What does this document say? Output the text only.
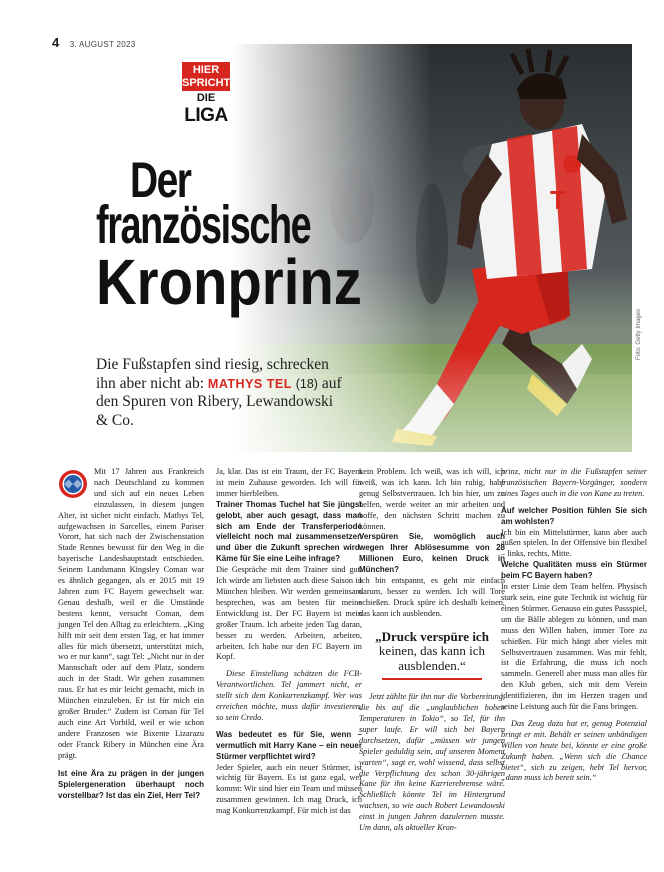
4 3. AUGUST 2023
Foto: Getty Images
HIER
SPRICHT
DIE
LIGA
Der
französische
Kronprinz
Die Fußstapfen sind riesig, schrecken ihn aber nicht ab: MATHYS TEL (18) auf den Spuren von Ribery, Lewandowski & Co.

Mit 17 Jahren aus Frankreich nach Deutschland zu kommen und sich auf ein neues Leben einzulassen, in diesem jungen Alter, ist sicher nicht einfach. Mathys Tel, aufgewachsen in Sarcelles, einem Pariser Vorort, hat sich nach der Zwischenstation Stade Rennes bewusst für den Weg in die bayerische Landeshauptstadt entschieden. Seinem Landsmann Kingsley Coman war es ähnlich gegangen, als er 2015 mit 19 Jahren zum FC Bayern gewechselt war. Genau deshalb, weil er die Umstände bestens kennt, versucht Coman, dem jungen Tel den Alltag zu erleichtern. „King hilft mir seit dem ersten Tag, er hat immer alles für mich übersetzt, unterstützt mich, wo er nur kann“, sagt Tel: „Nicht nur in der Mannschaft oder auf dem Platz, sondern auch in der Stadt. Wir gehen zusammen raus. Er hat es mir leicht gemacht, mich in München einzuleben. Er ist für mich ein großer Bruder.“ Zudem ist Coman für Tel auch eine Art Vorbild, weil er wie schon andere Franzosen wie Bixente Lizarazu oder Franck Ribery in München eine Ära prägt.

Ist eine Ära zu prägen in der jungen Spielergeneration überhaupt noch vorstellbar? Ist das ein Ziel, Herr Tel?

Ja, klar. Das ist ein Traum, der FC Bayern ist mein Zuhause geworden. Ich will für immer hierbleiben.

Trainer Thomas Tuchel hat Sie jüngst gelobt, aber auch gesagt, dass man sich am Ende der Transferperiode vielleicht noch mal zusammensetzen und über die Zukunft sprechen wird. Käme für Sie eine Leihe infrage?

Die Gespräche mit dem Trainer sind gut. Ich würde am liebsten auch diese Saison in München bleiben. Wir werden gemeinsam besprechen, was am besten für meine Entwicklung ist. Der FC Bayern ist mein großer Traum. Ich arbeite jeden Tag daran, besser zu werden. Arbeiten, arbeiten, arbeiten. Ich habe nur den FC Bayern im Kopf.

Diese Einstellung schätzen die FCB-Verantwortlichen. Tel jammert nicht, er stellt sich dem Konkurrenzkampf. Wer was erreichen möchte, muss dafür investieren, so sein Credo.

Was bedeutet es für Sie, wenn – vermutlich mit Harry Kane – ein neuer Stürmer verpflichtet wird?

Jeder Spieler, auch ein neuer Stürmer, ist wichtig für Bayern. Es ist ganz egal, wer kommt: Wir sind hier ein Team und müssen zusammen gewinnen. Ich mag Druck, ich mag Konkurrenzkampf. Für mich ist das

kein Problem. Ich weiß, was ich will, ich weiß, was ich kann. Ich bin ruhig, habe genug Selbstvertrauen. Ich bin hier, um zu helfen, werde weiter an mir arbeiten und hoffe, den nächsten Schritt machen zu können.

Verspüren Sie, womöglich auch wegen Ihrer Ablösesumme von 28 Millionen Euro, keinen Druck in München?

Ich bin entspannt, es geht mir einfach darum, besser zu werden. Ich will Tore schießen. Druck spüre ich deshalb keinen, das kann ich ausblenden.

„Druck verspüre ich
keinen, das kann ich ausblenden.“

Jetzt zählte für ihn nur die Vorbereitung, die bis auf die „unglaublichen hohen Temperaturen in Tokio“, so Tel, für ihn super laufe. Er will sich bei Bayern durchsetzen, dafür „müssen wir jungen Spieler geduldig sein, auf unseren Moment warten“, sagt er, wohl wissend, dass selbst die Verpflichtung des schon 30-jährigen Kane für ihn keine Karrierebremse wäre. Schließlich könnte Tel im Hintergrund wachsen, so wie auch Robert Lewandowski einst in jungen Jahren dazulernen musste. Um dann, als aktueller Kron-

prinz, nicht nur in die Fußstapfen seiner französischen Bayern-Vorgänger, sondern eines Tages auch in die von Kane zu treten.

Auf welcher Position fühlen Sie sich am wohlsten?

Ich bin ein Mittelstürmer, kann aber auch außen spielen. In der Offensive bin flexibel – links, rechts, Mitte.

Welche Qualitäten muss ein Stürmer beim FC Bayern haben?

In erster Linie dem Team helfen. Physisch stark sein, eine gute Technik ist wichtig für einen Stürmer. Genauso ein gutes Passspiel, um die Bälle ablegen zu können, und man muss den Willen haben, immer Tore zu schießen. Für mich hängt aber vieles mit Selbstvertrauen zusammen. Was mir fehlt, ist die Erfahrung, die muss ich noch sammeln. Generell aber muss man alles für den Klub geben, sich mit dem Verein identifizieren, ihn im Herzen tragen und seine Leistung auch für die Fans bringen.

Das Zeug dazu hat er, genug Potenzial bringt er mit. Behält er seinen unbändigen Willen von heute bei, könnte er eine große Zukunft haben. „Wenn sich die Chance bietet“, sich zu zeigen, hebt Tel hervor, „dann muss ich bereit sein.“
